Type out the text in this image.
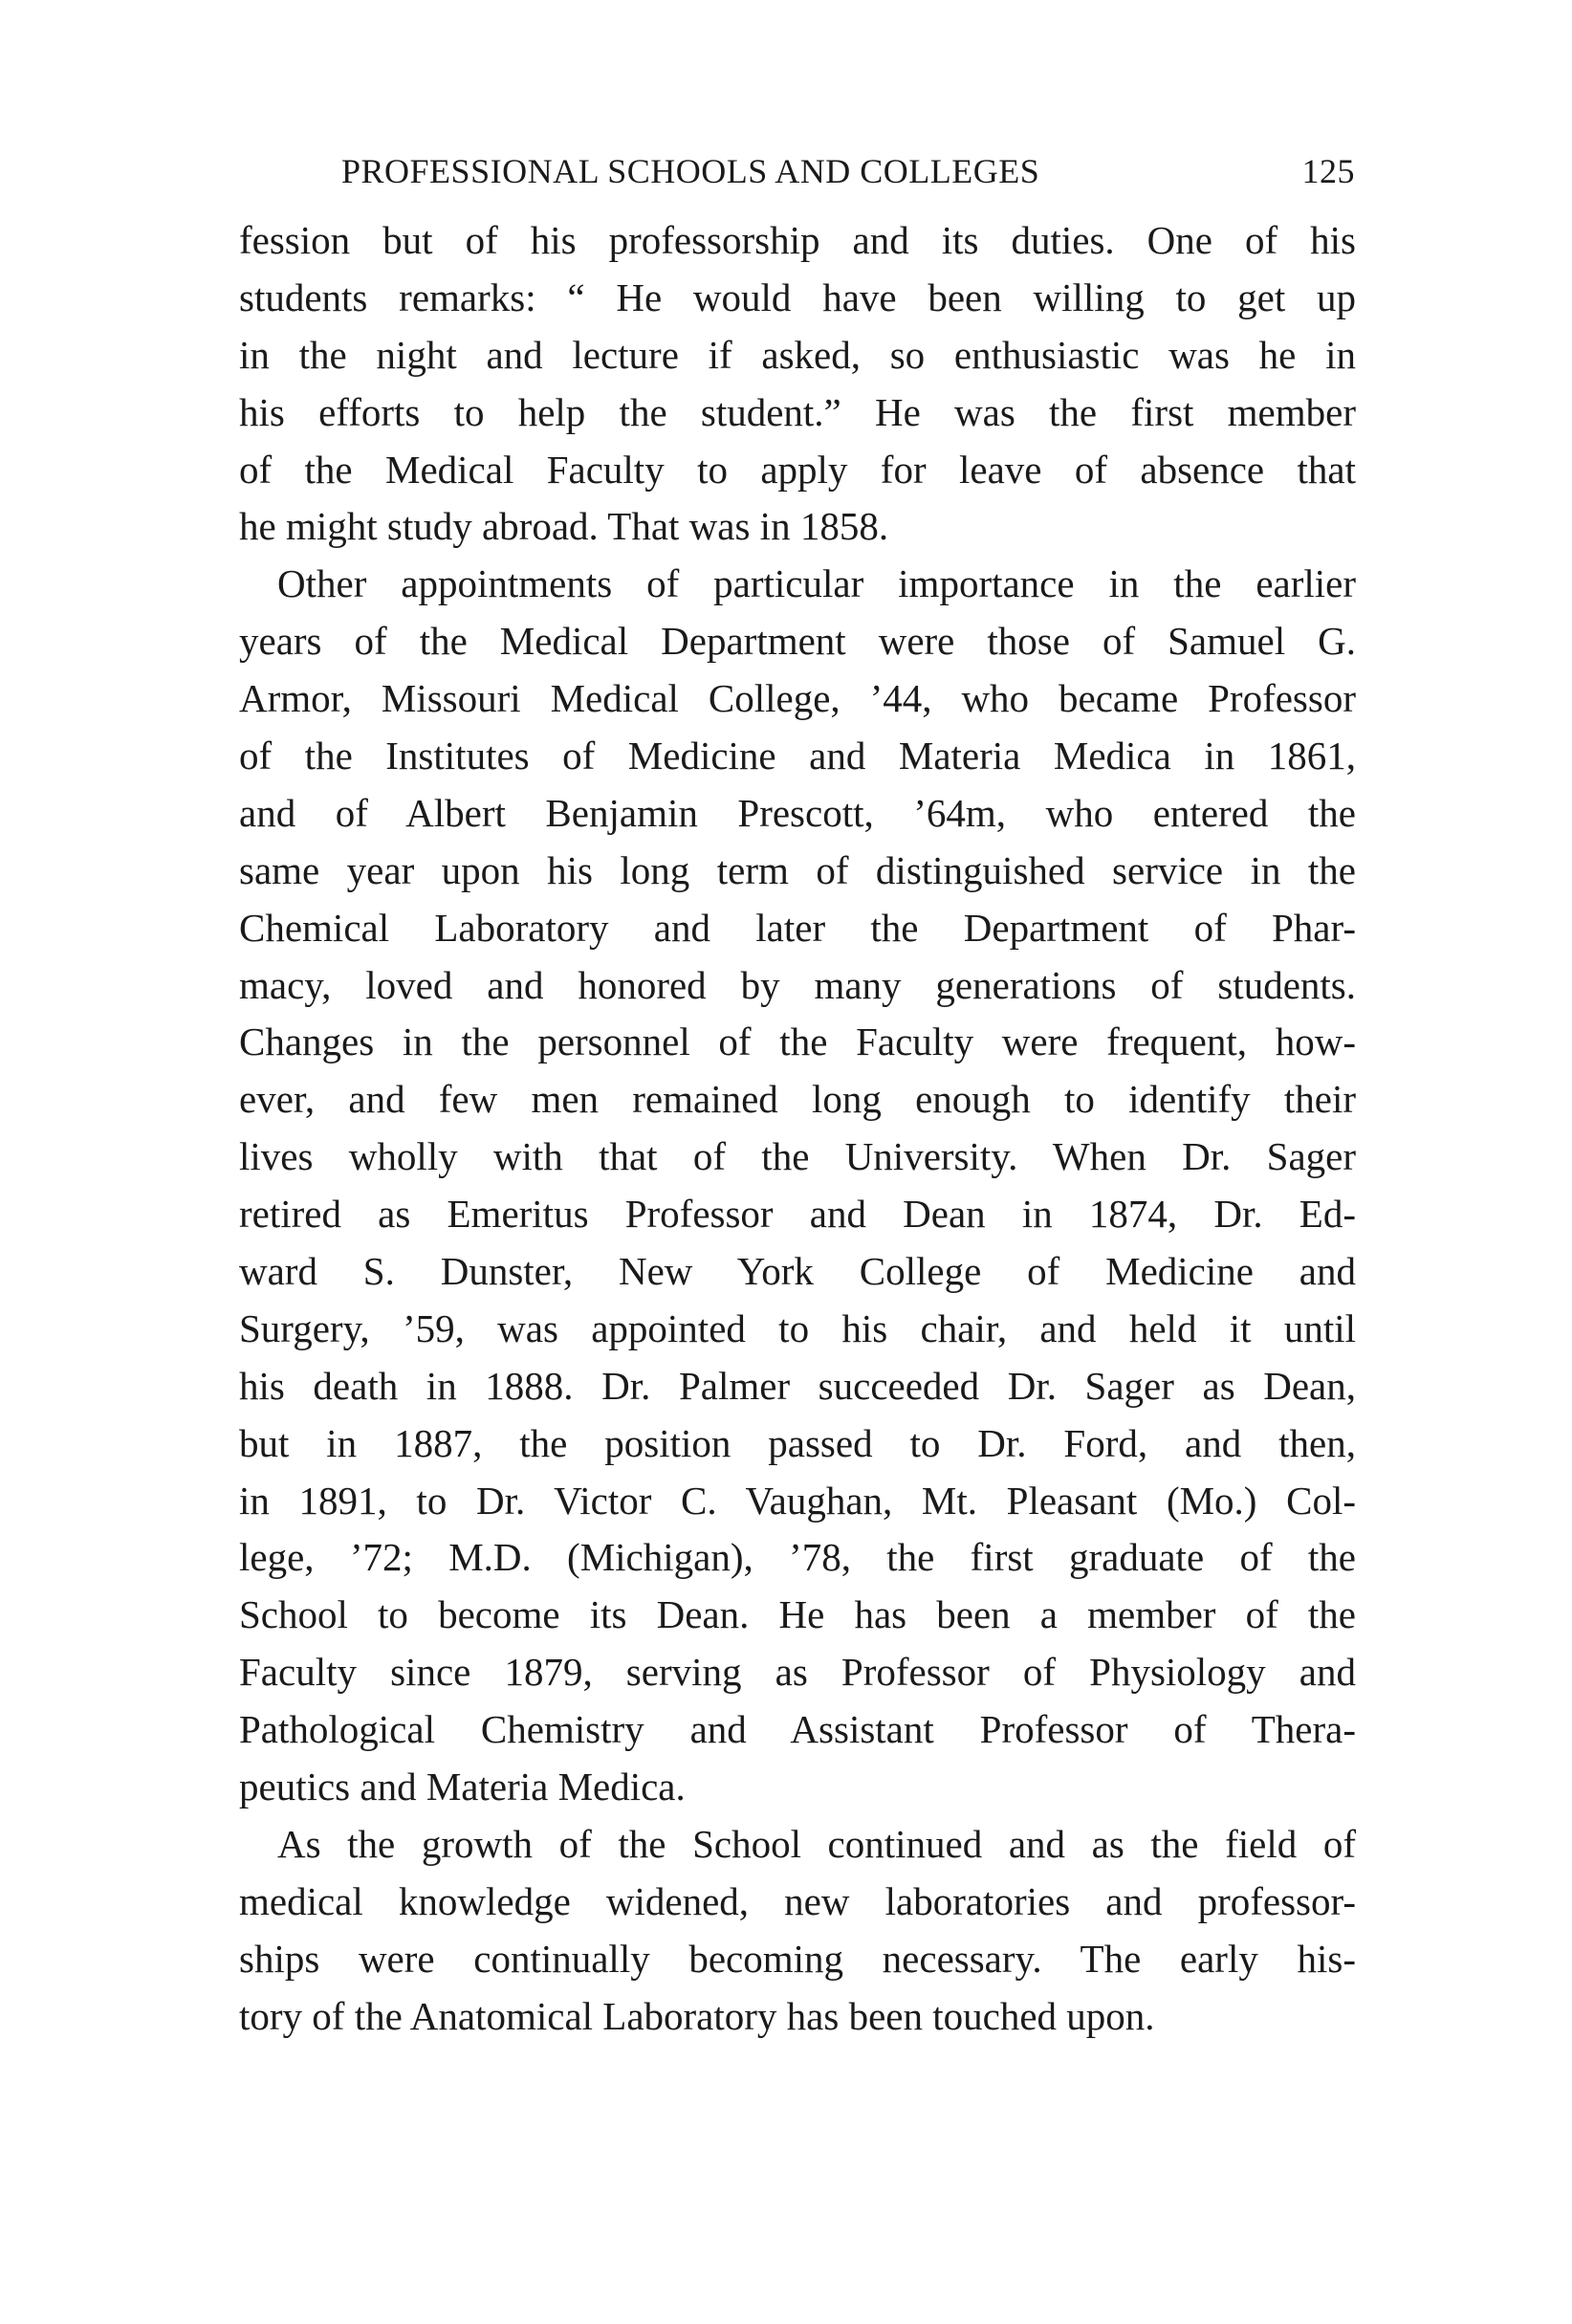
PROFESSIONAL SCHOOLS AND COLLEGES	125
fession but of his professorship and its duties. One of his
students remarks: “ He would have been willing to get up
in the night and lecture if asked, so enthusiastic was he in
his efforts to help the student.” He was the first member
of the Medical Faculty to apply for leave of absence that
he might study abroad. That was in 1858.
Other appointments of particular importance in the earlier
years of the Medical Department were those of Samuel G.
Armor, Missouri Medical College, ’44, who became Professor
of the Institutes of Medicine and Materia Medica in 1861,
and of Albert Benjamin Prescott, ’64m, who entered the
same year upon his long term of distinguished service in the
Chemical Laboratory and later the Department of Phar-
macy, loved and honored by many generations of students.
Changes in the personnel of the Faculty were frequent, how-
ever, and few men remained long enough to identify their
lives wholly with that of the University. When Dr. Sager
retired as Emeritus Professor and Dean in 1874, Dr. Ed-
ward S. Dunster, New York College of Medicine and
Surgery, ’59, was appointed to his chair, and held it until
his death in 1888. Dr. Palmer succeeded Dr. Sager as Dean,
but in 1887, the position passed to Dr. Ford, and then,
in 1891, to Dr. Victor C. Vaughan, Mt. Pleasant (Mo.) Col-
lege, ’72; M.D. (Michigan), ’78, the first graduate of the
School to become its Dean. He has been a member of the
Faculty since 1879, serving as Professor of Physiology and
Pathological Chemistry and Assistant Professor of Thera-
peutics and Materia Medica.
As the growth of the School continued and as the field of
medical knowledge widened, new laboratories and professor-
ships were continually becoming necessary. The early his-
tory of the Anatomical Laboratory has been touched upon.
